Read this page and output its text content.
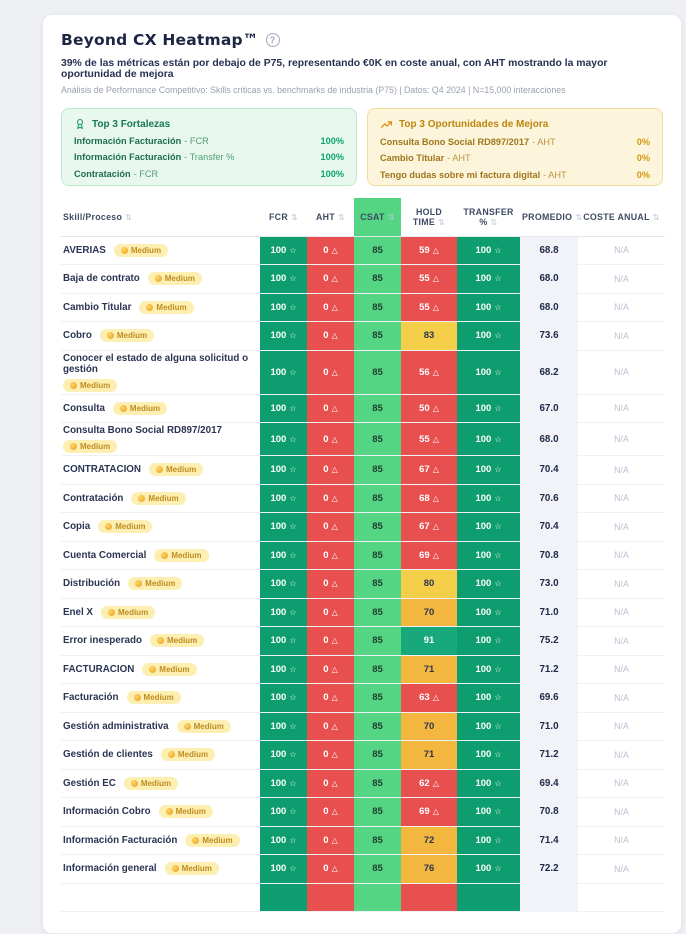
Beyond CX Heatmap™	?

39% de las métricas están por debajo de P75, representando €0K en coste anual, con AHT mostrando la mayor oportunidad de mejora

Análisis de Performance Competitivo: Skills críticas vs. benchmarks de industria (P75) | Datos: Q4 2024 | N=15,000 interacciones

Top 3 Fortalezas
Información Facturación - FCR	100%
Información Facturación - Transfer %	100%
Contratación - FCR	100%
Top 3 Oportunidades de Mejora
Consulta Bono Social RD897/2017 - AHT	0%
Cambio Titular - AHT	0%
Tengo dudas sobre mi factura digital - AHT	0%
Skill/Proceso ⇅	FCR ⇅	AHT ⇅	CSAT ⇅	HOLD TIME ⇅	TRANSFER % ⇅	PROMEDIO ⇅	COSTE ANUAL ⇅

AVERIAS Medium	100 ☆	0 △	85	59 △	100 ☆	68.8	N/A

Baja de contrato Medium	100 ☆	0 △	85	55 △	100 ☆	68.0	N/A

Cambio Titular Medium	100 ☆	0 △	85	55 △	100 ☆	68.0	N/A

Cobro Medium	100 ☆	0 △	85	83	100 ☆	73.6	N/A

Conocer el estado de alguna solicitud o gestión
Medium	100 ☆	0 △	85	56 △	100 ☆	68.2	N/A

Consulta Medium	100 ☆	0 △	85	50 △	100 ☆	67.0	N/A

Consulta Bono Social RD897/2017
Medium	100 ☆	0 △	85	55 △	100 ☆	68.0	N/A

CONTRATACION Medium	100 ☆	0 △	85	67 △	100 ☆	70.4	N/A

Contratación Medium	100 ☆	0 △	85	68 △	100 ☆	70.6	N/A

Copia Medium	100 ☆	0 △	85	67 △	100 ☆	70.4	N/A

Cuenta Comercial Medium	100 ☆	0 △	85	69 △	100 ☆	70.8	N/A

Distribución Medium	100 ☆	0 △	85	80	100 ☆	73.0	N/A

Enel X Medium	100 ☆	0 △	85	70	100 ☆	71.0	N/A

Error inesperado Medium	100 ☆	0 △	85	91	100 ☆	75.2	N/A

FACTURACION Medium	100 ☆	0 △	85	71	100 ☆	71.2	N/A

Facturación Medium	100 ☆	0 △	85	63 △	100 ☆	69.6	N/A

Gestión administrativa Medium	100 ☆	0 △	85	70	100 ☆	71.0	N/A

Gestión de clientes Medium	100 ☆	0 △	85	71	100 ☆	71.2	N/A

Gestión EC Medium	100 ☆	0 △	85	62 △	100 ☆	69.4	N/A

Información Cobro Medium	100 ☆	0 △	85	69 △	100 ☆	70.8	N/A

Información Facturación Medium	100 ☆	0 △	85	72	100 ☆	71.4	N/A

Información general Medium	100 ☆	0 △	85	76	100 ☆	72.2	N/A
